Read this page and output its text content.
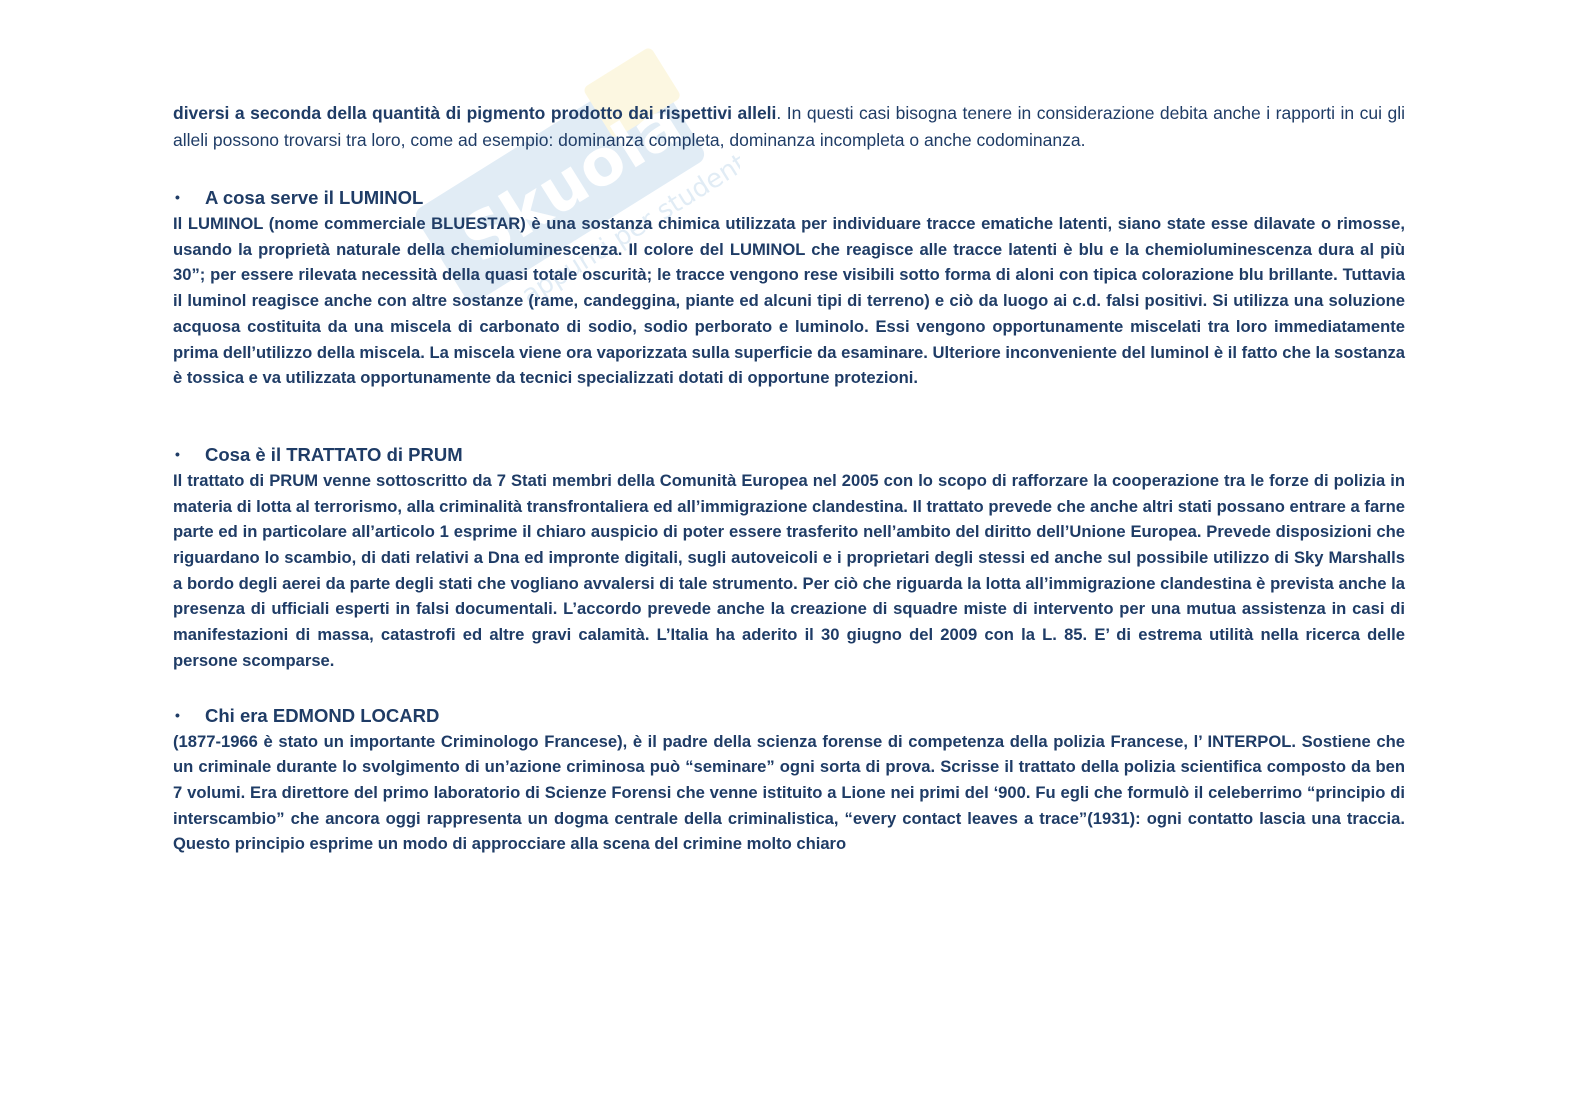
Skuola.net
appunti per studenti

diversi a seconda della quantità di pigmento prodotto dai rispettivi alleli. In questi casi bisogna tenere in considerazione debita anche i rapporti in cui gli alleli possono trovarsi tra loro, come ad esempio: dominanza completa, dominanza incompleta o anche codominanza.

•	A cosa serve il LUMINOL

Il LUMINOL (nome commerciale BLUESTAR) è una sostanza chimica utilizzata per individuare tracce ematiche latenti, siano state esse dilavate o rimosse, usando la proprietà naturale della chemioluminescenza. Il colore del LUMINOL che reagisce alle tracce latenti è blu e la chemioluminescenza dura al più 30”; per essere rilevata necessità della quasi totale oscurità; le tracce vengono rese visibili sotto forma di aloni con tipica colorazione blu brillante. Tuttavia il luminol reagisce anche con altre sostanze (rame, candeggina, piante ed alcuni tipi di terreno) e ciò da luogo ai c.d. falsi positivi. Si utilizza una soluzione acquosa costituita da una miscela di carbonato di sodio, sodio perborato e luminolo. Essi vengono opportunamente miscelati tra loro immediatamente prima dell’utilizzo della miscela. La miscela viene ora vaporizzata sulla superficie da esaminare. Ulteriore inconveniente del luminol è il fatto che la sostanza è tossica e va utilizzata opportunamente da tecnici specializzati dotati di opportune protezioni.

•	Cosa è il TRATTATO di PRUM

Il trattato di PRUM venne sottoscritto da 7 Stati membri della Comunità Europea nel 2005 con lo scopo di rafforzare la cooperazione tra le forze di polizia in materia di lotta al terrorismo, alla criminalità transfrontaliera ed all’immigrazione clandestina. Il trattato prevede che anche altri stati possano entrare a farne parte ed in particolare all’articolo 1 esprime il chiaro auspicio di poter essere trasferito nell’ambito del diritto dell’Unione Europea. Prevede disposizioni che riguardano lo scambio, di dati relativi a Dna ed impronte digitali, sugli autoveicoli e i proprietari degli stessi ed anche sul possibile utilizzo di Sky Marshalls a bordo degli aerei da parte degli stati che vogliano avvalersi di tale strumento. Per ciò che riguarda la lotta all’immigrazione clandestina è prevista anche la presenza di ufficiali esperti in falsi documentali. L’accordo prevede anche la creazione di squadre miste di intervento per una mutua assistenza in casi di manifestazioni di massa, catastrofi ed altre gravi calamità. L’Italia ha aderito il 30 giugno del 2009 con la L. 85. E’ di estrema utilità nella ricerca delle persone scomparse.

•	Chi era EDMOND LOCARD

(1877-1966 è stato un importante Criminologo Francese), è il padre della scienza forense di competenza della polizia Francese, l’ INTERPOL. Sostiene che un criminale durante lo svolgimento di un’azione criminosa può “seminare” ogni sorta di prova. Scrisse il trattato della polizia scientifica composto da ben 7 volumi. Era direttore del primo laboratorio di Scienze Forensi che venne istituito a Lione nei primi del ‘900. Fu egli che formulò il celeberrimo “principio di interscambio” che ancora oggi rappresenta un dogma centrale della criminalistica, “every contact leaves a trace”(1931): ogni contatto lascia una traccia. Questo principio esprime un modo di approcciare alla scena del crimine molto chiaro
